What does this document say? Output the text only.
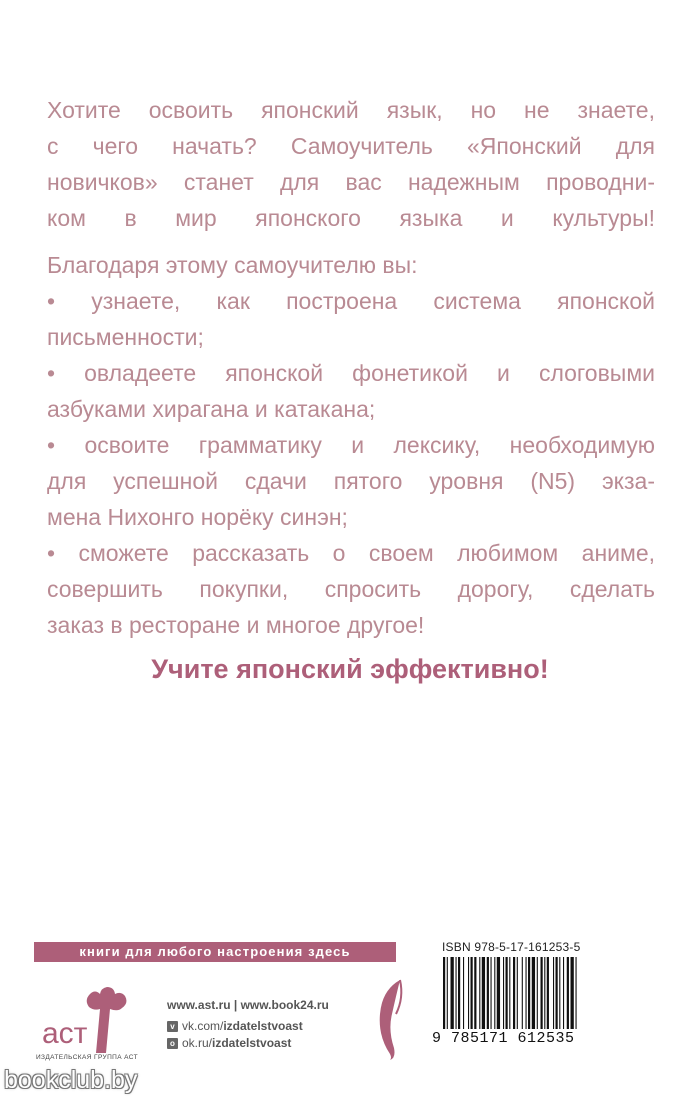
Хотите освоить японский язык, но не знаете,
с чего начать? Самоучитель «Японский для
новичков» станет для вас надежным проводни-
ком в мир японского языка и культуры!
Благодаря этому самоучителю вы:
• узнаете, как построена система японской
письменности;
• овладеете японской фонетикой и слоговыми
азбуками хирагана и катакана;
• освоите грамматику и лексику, необходимую
для успешной сдачи пятого уровня (N5) экза-
мена Нихонго норёку синэн;
• сможете рассказать о своем любимом аниме,
совершить покупки, спросить дорогу, сделать
заказ в ресторане и многое другое!
Учите японский эффективно!
книги для любого настроения здесь
аст
ИЗДАТЕЛЬСКАЯ ГРУППА АСТ
www.ast.ru | www.book24.ru
v vk.com/ izdatelstvoast
o ok.ru/ izdatelstvoast
ISBN 978-5-17-161253-5
9 785171 612535
bookclub.by
